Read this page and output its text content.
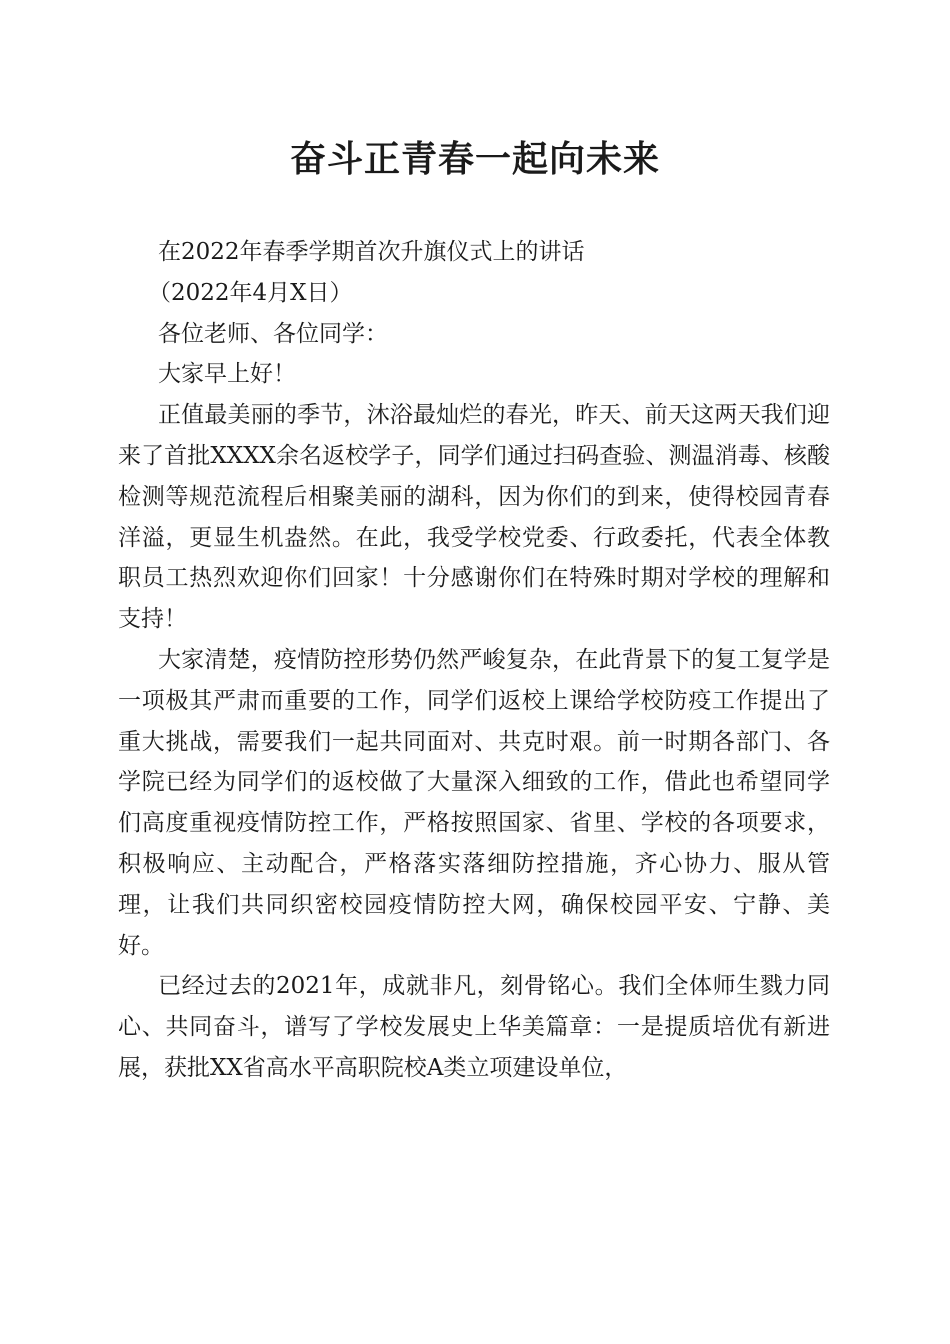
奋斗正青春一起向未来

在2022年春季学期首次升旗仪式上的讲话

（2022年4月X日）

各位老师、各位同学：

大家早上好！

正值最美丽的季节，沐浴最灿烂的春光，昨天、前天这两天我们迎来了首批XXXX余名返校学子，同学们通过扫码查验、测温消毒、核酸检测等规范流程后相聚美丽的湖科，因为你们的到来，使得校园青春洋溢，更显生机盎然。在此，我受学校党委、行政委托，代表全体教职员工热烈欢迎你们回家！十分感谢你们在特殊时期对学校的理解和支持！

大家清楚，疫情防控形势仍然严峻复杂，在此背景下的复工复学是一项极其严肃而重要的工作，同学们返校上课给学校防疫工作提出了重大挑战，需要我们一起共同面对、共克时艰。前一时期各部门、各学院已经为同学们的返校做了大量深入细致的工作，借此也希望同学们高度重视疫情防控工作，严格按照国家、省里、学校的各项要求，积极响应、主动配合，严格落实落细防控措施，齐心协力、服从管理，让我们共同织密校园疫情防控大网，确保校园平安、宁静、美好。

已经过去的2021年，成就非凡，刻骨铭心。我们全体师生戮力同心、共同奋斗，谱写了学校发展史上华美篇章：一是提质培优有新进展，获批XX省高水平高职院校A类立项建设单位，
